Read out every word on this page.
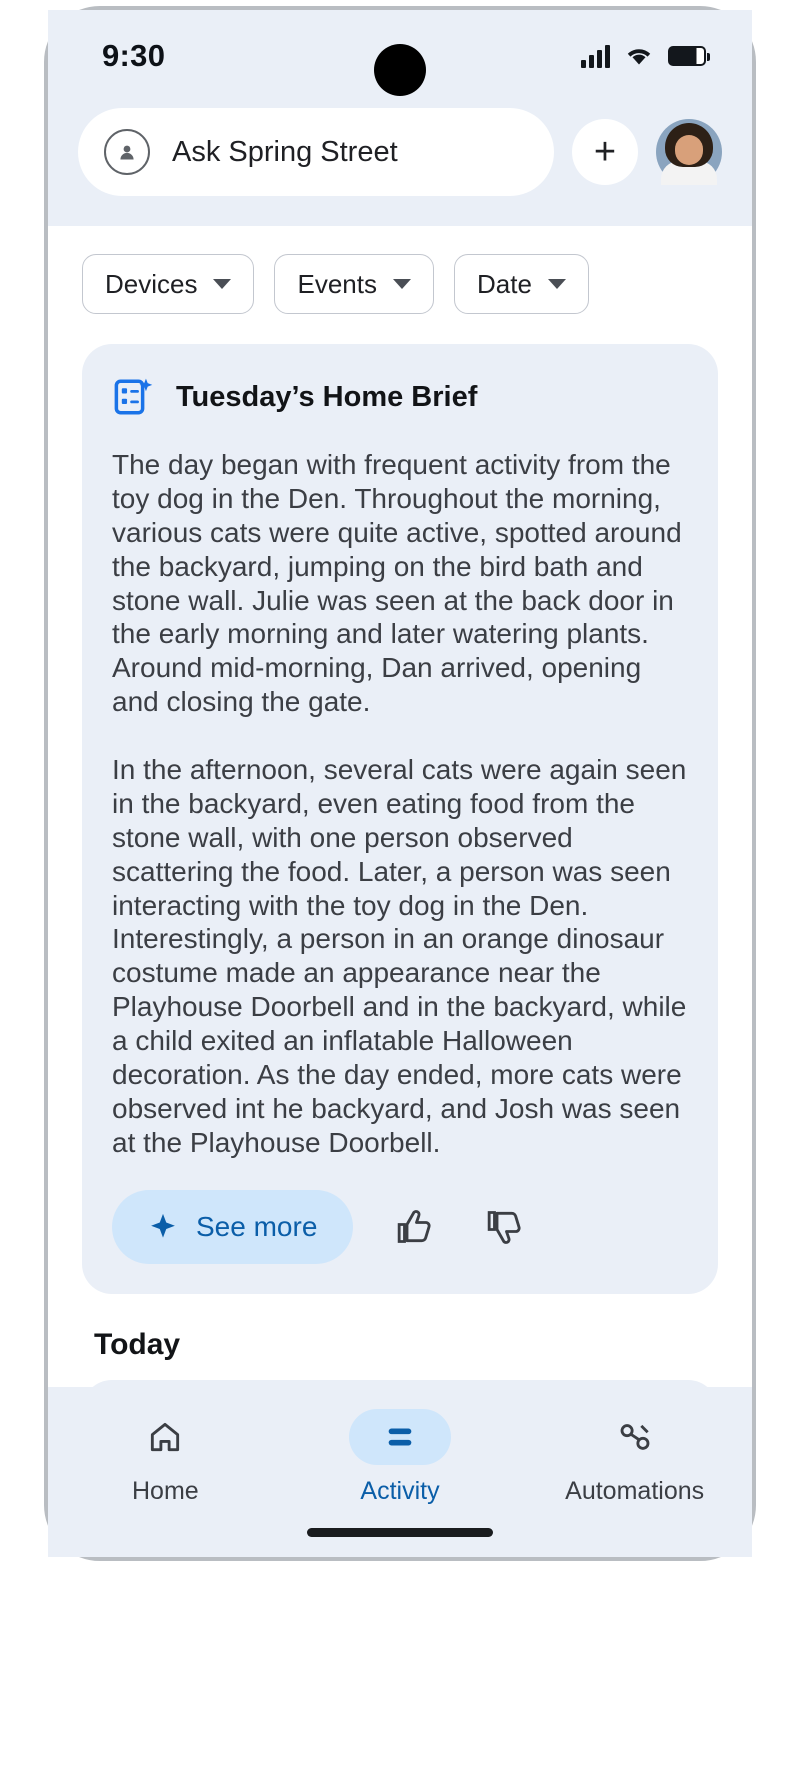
9:30
Ask Spring Street	+
Devices	Events	Date
Tuesday’s Home Brief

The day began with frequent activity from the toy dog in the Den. Throughout the morning, various cats were quite active, spotted around the backyard, jumping on the bird bath and stone wall. Julie was seen at the back door in the early morning and later watering plants. Around mid-morning, Dan arrived, opening and closing the gate.

In the afternoon, several cats were again seen in the backyard, even eating food from the stone wall, with one person observed scattering the food. Later, a person was seen interacting with the toy dog in the Den. Interestingly, a person in an orange dinosaur costume made an appearance near the Playhouse Doorbell and in the backyard, while a child exited an inflatable Halloween decoration. As the day ended, more cats were observed int he backyard, and Josh was seen at the Playhouse Doorbell.

See more
Today
Home	Activity	Automations
